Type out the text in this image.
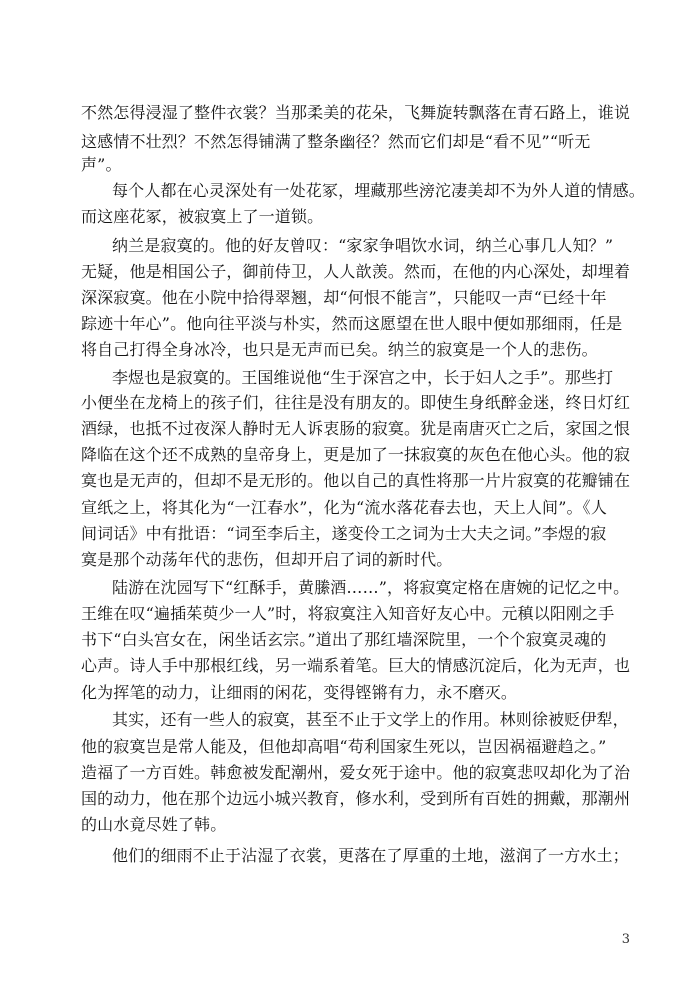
不然怎得浸湿了整件衣裳？当那柔美的花朵，飞舞旋转飘落在青石路上，谁说
这感情不壮烈？不然怎得铺满了整条幽径？然而它们却是“看不见”“听无
声”。
每个人都在心灵深处有一处花冢，埋藏那些滂沱凄美却不为外人道的情感。
而这座花冢，被寂寞上了一道锁。
纳兰是寂寞的。他的好友曾叹：“家家争唱饮水词，纳兰心事几人知？”
无疑，他是相国公子，御前侍卫，人人歆羡。然而，在他的内心深处，却埋着
深深寂寞。他在小院中拾得翠翘，却“何恨不能言”，只能叹一声“已经十年
踪迹十年心”。他向往平淡与朴实，然而这愿望在世人眼中便如那细雨，任是
将自己打得全身冰冷，也只是无声而已矣。纳兰的寂寞是一个人的悲伤。
李煜也是寂寞的。王国维说他“生于深宫之中，长于妇人之手”。那些打
小便坐在龙椅上的孩子们，往往是没有朋友的。即使生身纸醉金迷，终日灯红
酒绿，也抵不过夜深人静时无人诉衷肠的寂寞。犹是南唐灭亡之后，家国之恨
降临在这个还不成熟的皇帝身上，更是加了一抹寂寞的灰色在他心头。他的寂
寞也是无声的，但却不是无形的。他以自己的真性将那一片片寂寞的花瓣铺在
宣纸之上，将其化为“一江春水”，化为“流水落花春去也，天上人间”。《人
间词话》中有批语：“词至李后主，遂变伶工之词为士大夫之词。”李煜的寂
寞是那个动荡年代的悲伤，但却开启了词的新时代。
陆游在沈园写下“红酥手，黄縢酒……”，将寂寞定格在唐婉的记忆之中。
王维在叹“遍插茱萸少一人”时，将寂寞注入知音好友心中。元稹以阳刚之手
书下“白头宫女在，闲坐话玄宗。”道出了那红墙深院里，一个个寂寞灵魂的
心声。诗人手中那根红线，另一端系着笔。巨大的情感沉淀后，化为无声，也
化为挥笔的动力，让细雨的闲花，变得铿锵有力，永不磨灭。
其实，还有一些人的寂寞，甚至不止于文学上的作用。林则徐被贬伊犁，
他的寂寞岂是常人能及，但他却高唱“苟利国家生死以，岂因祸福避趋之。”
造福了一方百姓。韩愈被发配潮州，爱女死于途中。他的寂寞悲叹却化为了治
国的动力，他在那个边远小城兴教育，修水利，受到所有百姓的拥戴，那潮州
的山水竟尽姓了韩。
他们的细雨不止于沾湿了衣裳，更落在了厚重的土地，滋润了一方水土；
3
